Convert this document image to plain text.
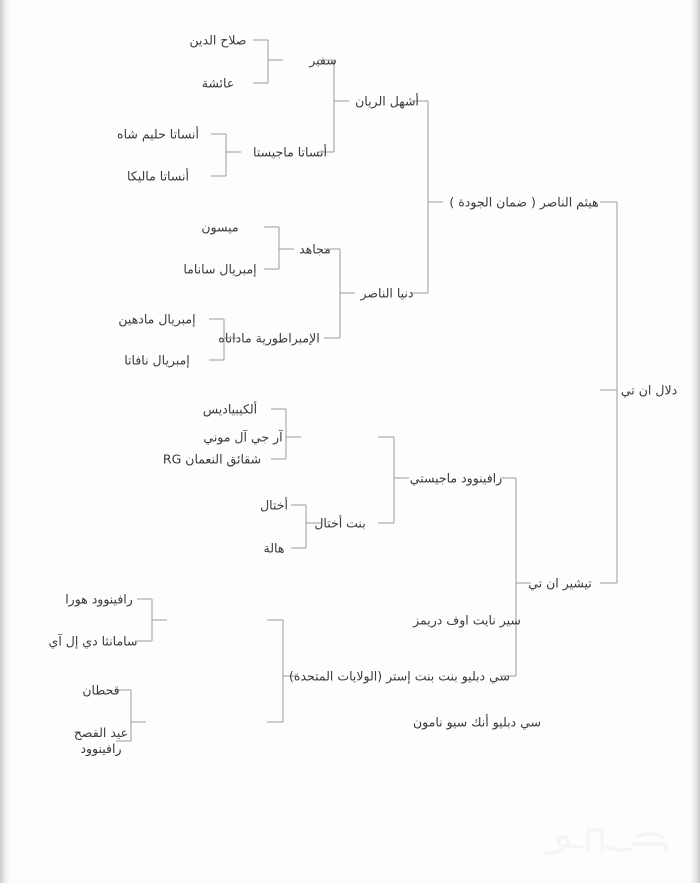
دلال ان تي
هيثم الناصر ( ضمان الجودة )
تيشير ان تي
أشهل الريان
دنيا الناصر
رافينوود ماجيستي
سي دبليو بنت بنت إستر (الولايات المتحدة)
سفير
أنساتا ماجيستا
مجاهد
الإمبراطورية ماداناه
آر جي آل موني
بنت أختال
سير نايت اوف دريمز
سي دبليو أنك سيو نامون
صلاح الدين
عائشة
أنساتا حليم شاه
أنساتا ماليكا
ميسون
إمبريال ساناما
إمبريال مادهين
إمبريال نافاتا
ألكيبياديس
شقائق النعمان RG
أختال
هالة
رافينوود هورا
سامانثا دي إل آي
قحطان
عيد الفصح رافينوود
